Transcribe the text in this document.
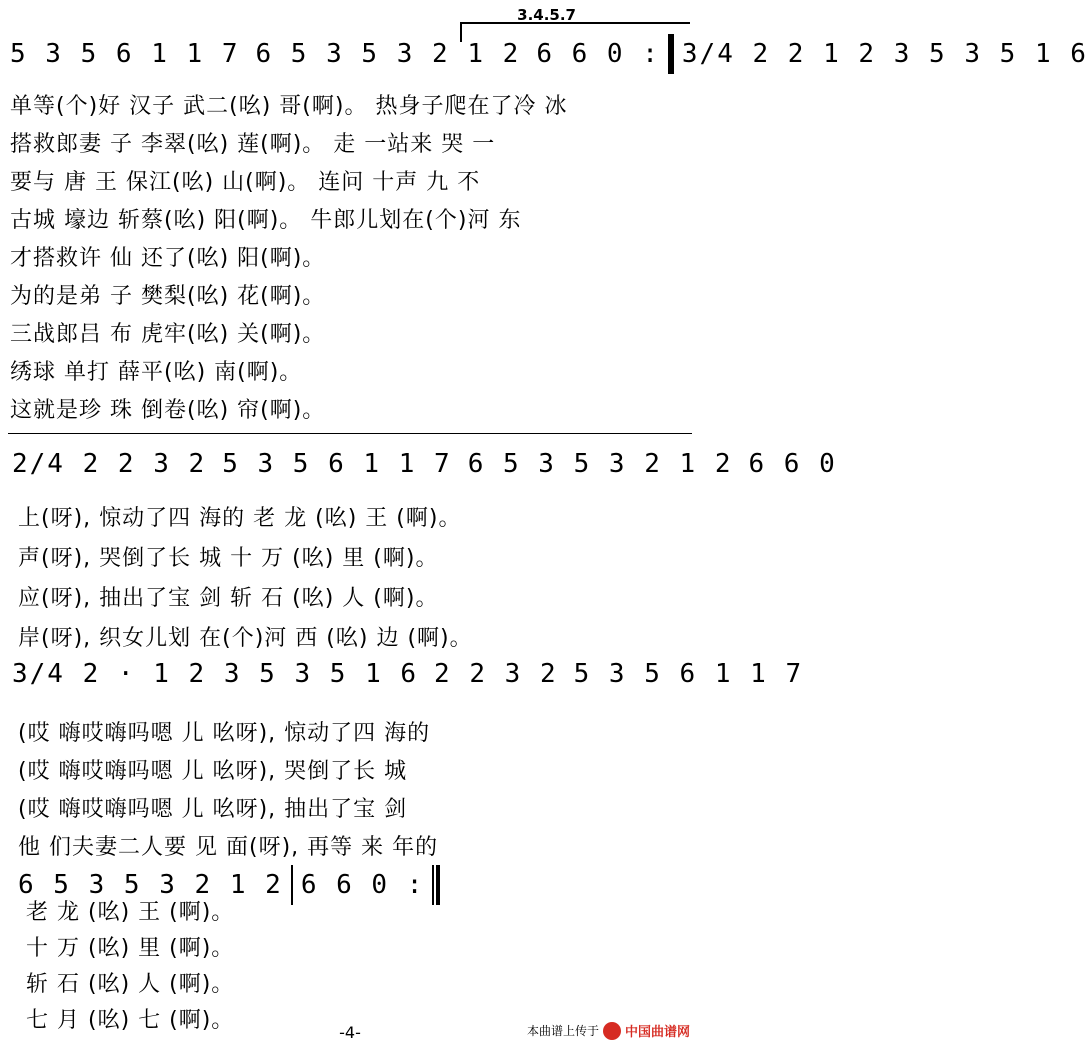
3.4.5.7
5 3 5 6 1 1 7 6 5 3 5 3 2 1 2 6 6 0 : 3/4 2 2 1 2 3 5 3 5 1 6
单等(个)好 汉子 武二(吆) 哥(啊)。 热身子爬在了冷 冰
搭救郎妻 子 李翠(吆) 莲(啊)。 走 一站来 哭 一
要与 唐 王 保江(吆) 山(啊)。 连问 十声 九 不
古城 壕边 斩蔡(吆) 阳(啊)。 牛郎儿划在(个)河 东
才搭救许 仙 还了(吆) 阳(啊)。
为的是弟 子 樊梨(吆) 花(啊)。
三战郎吕 布 虎牢(吆) 关(啊)。
绣球 单打 薛平(吆) 南(啊)。
这就是珍 珠 倒卷(吆) 帘(啊)。
2/4 2 2 3 2 5 3 5 6 1 1 7 6 5 3 5 3 2 1 2 6 6 0
上(呀), 惊动了四 海的 老 龙 (吆) 王 (啊)。
声(呀), 哭倒了长 城 十 万 (吆) 里 (啊)。
应(呀), 抽出了宝 剑 斩 石 (吆) 人 (啊)。
岸(呀), 织女儿划 在(个)河 西 (吆) 边 (啊)。
3/4 2 · 1 2 3 5 3 5 1 6 2 2 3 2 5 3 5 6 1 1 7
(哎 嗨哎嗨吗嗯 儿 吆呀), 惊动了四 海的
(哎 嗨哎嗨吗嗯 儿 吆呀), 哭倒了长 城
(哎 嗨哎嗨吗嗯 儿 吆呀), 抽出了宝 剑
他 们夫妻二人要 见 面(呀), 再等 来 年的
6 5 3 5 3 2 1 2 6 6 0 :
老 龙 (吆) 王 (啊)。
十 万 (吆) 里 (啊)。
斩 石 (吆) 人 (啊)。
七 月 (吆) 七 (啊)。	-4-	本曲谱上传于 中国曲谱网
